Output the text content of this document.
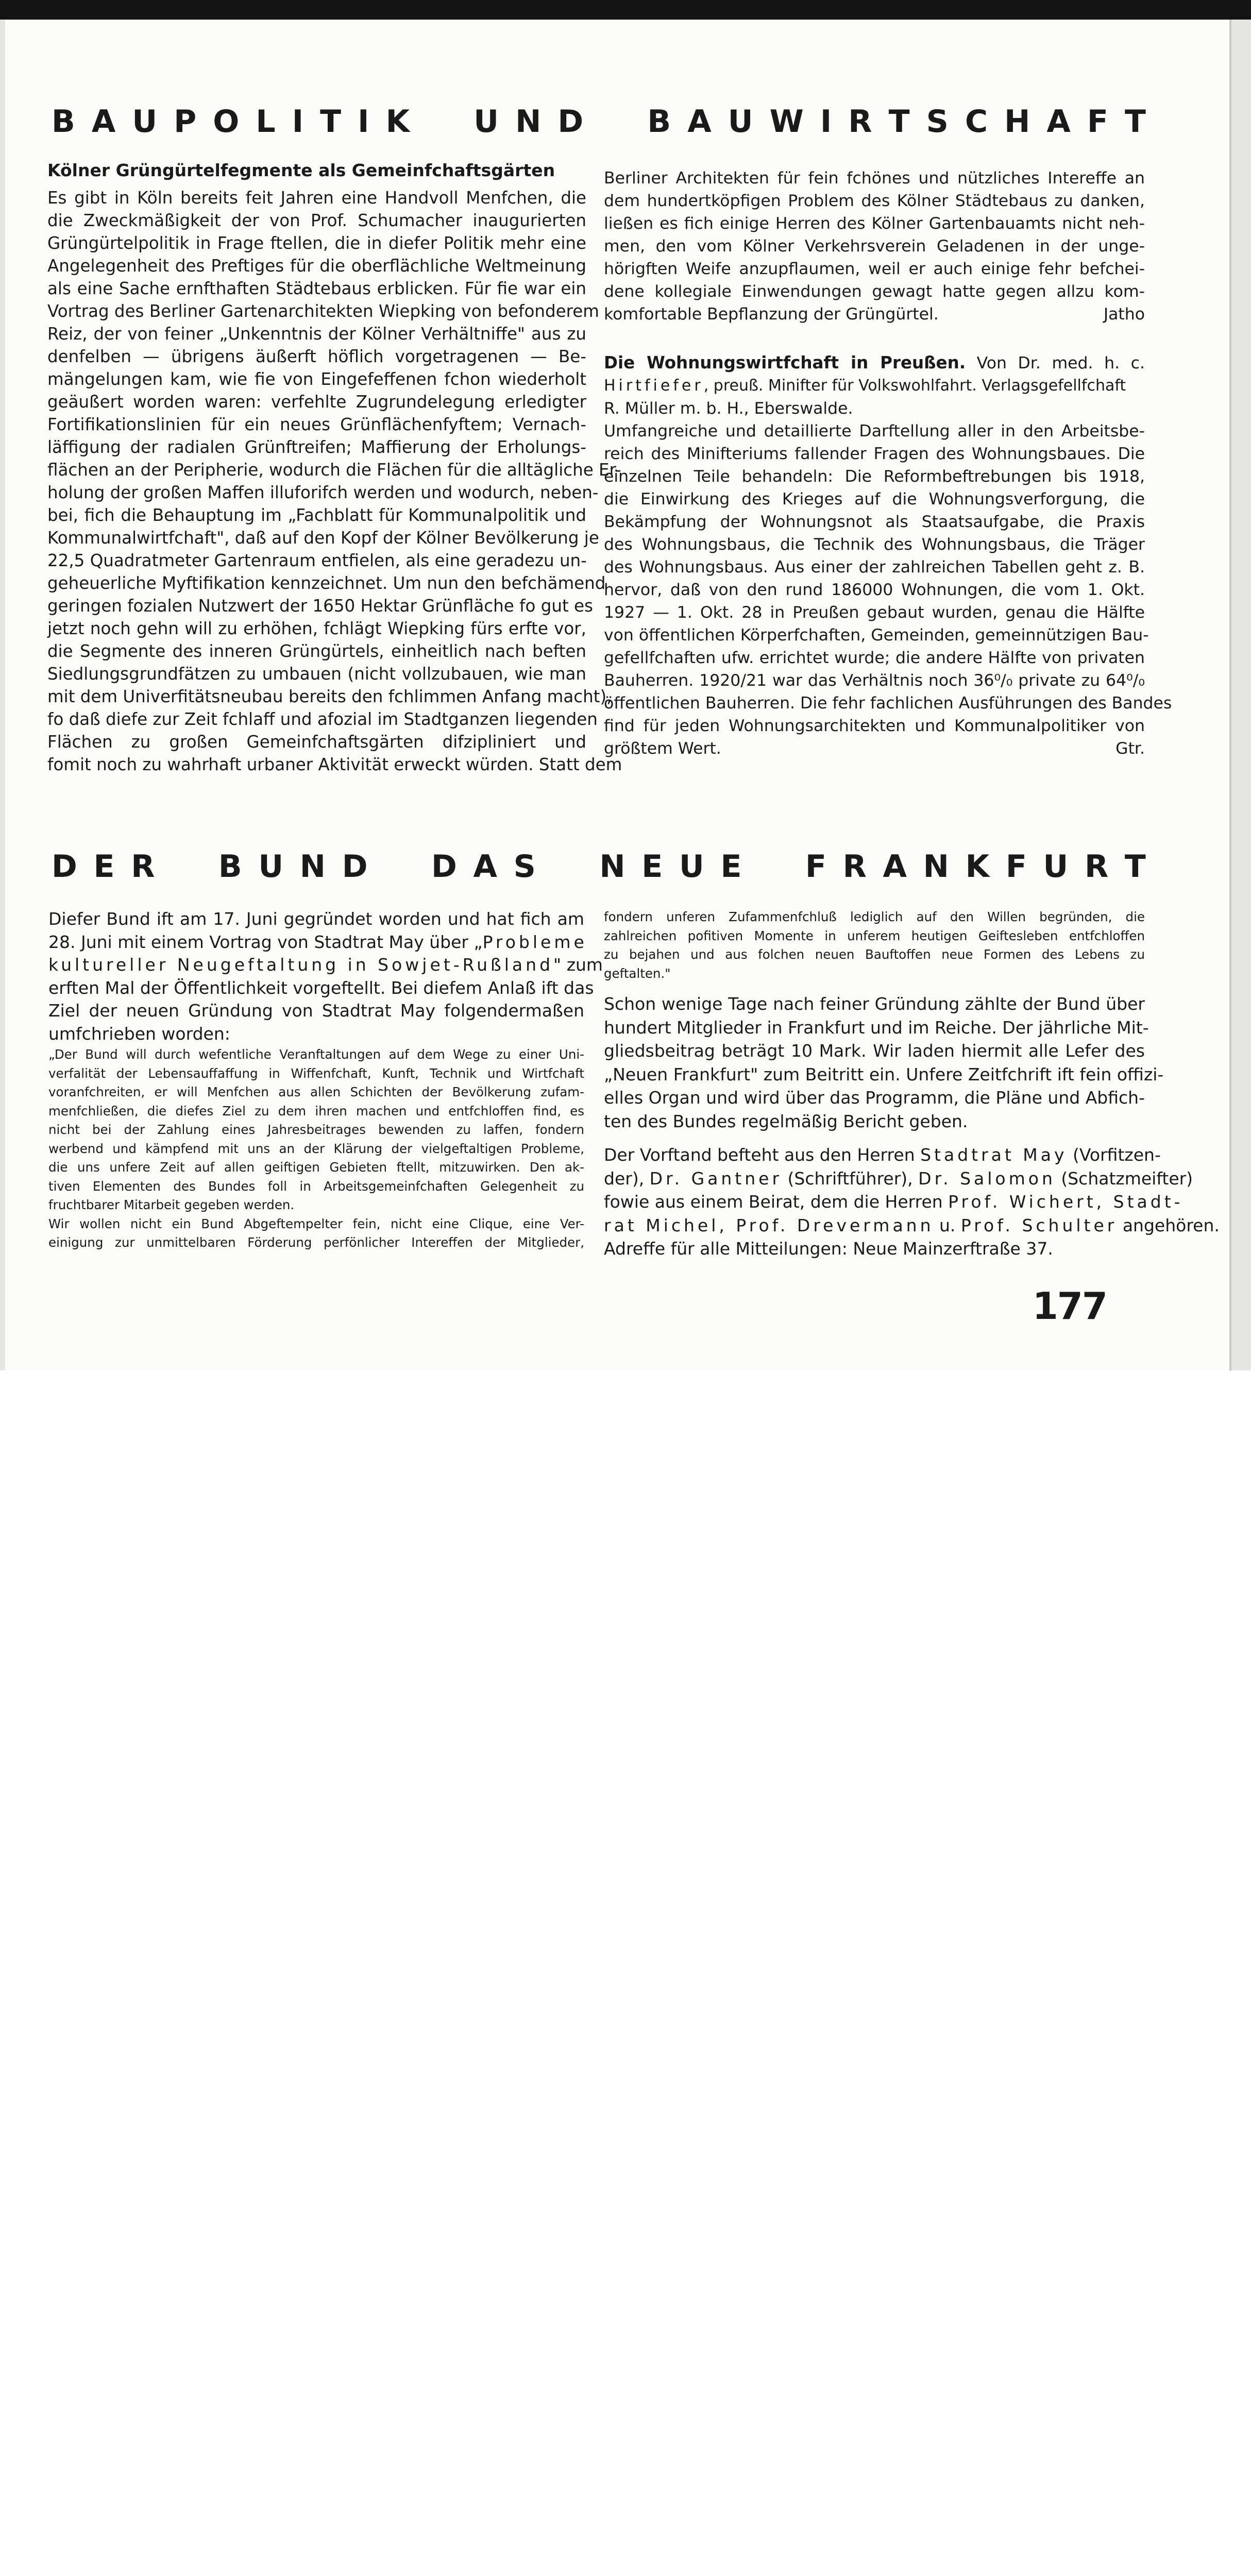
B A U P O L I T I K U N D B A U W I R T S C H A F T
Kölner Grüngürtelfegmente als Gemeinfchaftsgärten
Es gibt in Köln bereits feit Jahren eine Handvoll Menfchen, die
die Zweckmäßigkeit der von Prof. Schumacher inaugurierten
Grüngürtelpolitik in Frage ftellen, die in diefer Politik mehr eine
Angelegenheit des Preftiges für die oberflächliche Weltmeinung
als eine Sache ernfthaften Städtebaus erblicken. Für fie war ein
Vortrag des Berliner Gartenarchitekten Wiepking von befonderem
Reiz, der von feiner „Unkenntnis der Kölner Verhältniffe" aus zu
denfelben — übrigens äußerft höflich vorgetragenen — Be-
mängelungen kam, wie fie von Eingefeffenen fchon wiederholt
geäußert worden waren: verfehlte Zugrundelegung erledigter
Fortifikationslinien für ein neues Grünflächenfyftem; Vernach-
läffigung der radialen Grünftreifen; Maffierung der Erholungs-
flächen an der Peripherie, wodurch die Flächen für die alltägliche Er-
holung der großen Maffen illuforifch werden und wodurch, neben-
bei, fich die Behauptung im „Fachblatt für Kommunalpolitik und
Kommunalwirtfchaft", daß auf den Kopf der Kölner Bevölkerung je
22,5 Quadratmeter Gartenraum entfielen, als eine geradezu un-
geheuerliche Myftifikation kennzeichnet. Um nun den befchämend
geringen fozialen Nutzwert der 1650 Hektar Grünfläche fo gut es
jetzt noch gehn will zu erhöhen, fchlägt Wiepking fürs erfte vor,
die Segmente des inneren Grüngürtels, einheitlich nach beften
Siedlungsgrundfätzen zu umbauen (nicht vollzubauen, wie man
mit dem Univerfitätsneubau bereits den fchlimmen Anfang macht),
fo daß diefe zur Zeit fchlaff und afozial im Stadtganzen liegenden
Flächen zu großen Gemeinfchaftsgärten difzipliniert und
fomit noch zu wahrhaft urbaner Aktivität erweckt würden. Statt dem
Berliner Architekten für fein fchönes und nützliches Intereffe an
dem hundertköpfigen Problem des Kölner Städtebaus zu danken,
ließen es fich einige Herren des Kölner Gartenbauamts nicht neh-
men, den vom Kölner Verkehrsverein Geladenen in der unge-
hörigften Weife anzupflaumen, weil er auch einige fehr befchei-
dene kollegiale Einwendungen gewagt hatte gegen allzu kom-
komfortable Bepflanzung der Grüngürtel.	Jatho
Die Wohnungswirtfchaft in Preußen. Von Dr. med. h. c.
Hirtfiefer, preuß. Minifter für Volkswohlfahrt. Verlagsgefellfchaft
R. Müller m. b. H., Eberswalde.
Umfangreiche und detaillierte Darftellung aller in den Arbeitsbe-
reich des Minifteriums fallender Fragen des Wohnungsbaues. Die
einzelnen Teile behandeln: Die Reformbeftrebungen bis 1918,
die Einwirkung des Krieges auf die Wohnungsverforgung, die
Bekämpfung der Wohnungsnot als Staatsaufgabe, die Praxis
des Wohnungsbaus, die Technik des Wohnungsbaus, die Träger
des Wohnungsbaus. Aus einer der zahlreichen Tabellen geht z. B.
hervor, daß von den rund 186000 Wohnungen, die vom 1. Okt.
1927 — 1. Okt. 28 in Preußen gebaut wurden, genau die Hälfte
von öffentlichen Körperfchaften, Gemeinden, gemeinnützigen Bau-
gefellfchaften ufw. errichtet wurde; die andere Hälfte von privaten
Bauherren. 1920/21 war das Verhältnis noch 36⁰/₀ private zu 64⁰/₀
öffentlichen Bauherren. Die fehr fachlichen Ausführungen des Bandes
find für jeden Wohnungsarchitekten und Kommunalpolitiker von
größtem Wert.	Gtr.
D E R B U N D D A S N E U E F R A N K F U R T
Diefer Bund ift am 17. Juni gegründet worden und hat fich am
28. Juni mit einem Vortrag von Stadtrat May über „Probleme
kultureller Neugeftaltung in Sowjet-Rußland" zum
erften Mal der Öffentlichkeit vorgeftellt. Bei diefem Anlaß ift das
Ziel der neuen Gründung von Stadtrat May folgendermaßen
umfchrieben worden:
„Der Bund will durch wefentliche Veranftaltungen auf dem Wege zu einer Uni-
verfalität der Lebensauffaffung in Wiffenfchaft, Kunft, Technik und Wirtfchaft
voranfchreiten, er will Menfchen aus allen Schichten der Bevölkerung zufam-
menfchließen, die diefes Ziel zu dem ihren machen und entfchloffen find, es
nicht bei der Zahlung eines Jahresbeitrages bewenden zu laffen, fondern
werbend und kämpfend mit uns an der Klärung der vielgeftaltigen Probleme,
die uns unfere Zeit auf allen geiftigen Gebieten ftellt, mitzuwirken. Den ak-
tiven Elementen des Bundes foll in Arbeitsgemeinfchaften Gelegenheit zu
fruchtbarer Mitarbeit gegeben werden.
Wir wollen nicht ein Bund Abgeftempelter fein, nicht eine Clique, eine Ver-
einigung zur unmittelbaren Förderung perfönlicher Intereffen der Mitglieder,
fondern unferen Zufammenfchluß lediglich auf den Willen begründen, die
zahlreichen pofitiven Momente in unferem heutigen Geiftesleben entfchloffen
zu bejahen und aus folchen neuen Bauftoffen neue Formen des Lebens zu
geftalten."
Schon wenige Tage nach feiner Gründung zählte der Bund über
hundert Mitglieder in Frankfurt und im Reiche. Der jährliche Mit-
gliedsbeitrag beträgt 10 Mark. Wir laden hiermit alle Lefer des
„Neuen Frankfurt" zum Beitritt ein. Unfere Zeitfchrift ift fein offizi-
elles Organ und wird über das Programm, die Pläne und Abfich-
ten des Bundes regelmäßig Bericht geben.
Der Vorftand befteht aus den Herren Stadtrat May (Vorfitzen-
der), Dr. Gantner (Schriftführer), Dr. Salomon (Schatzmeifter)
fowie aus einem Beirat, dem die Herren Prof. Wichert, Stadt-
rat Michel, Prof. Drevermann u. Prof. Schulter angehören.
Adreffe für alle Mitteilungen: Neue Mainzerftraße 37.
177
